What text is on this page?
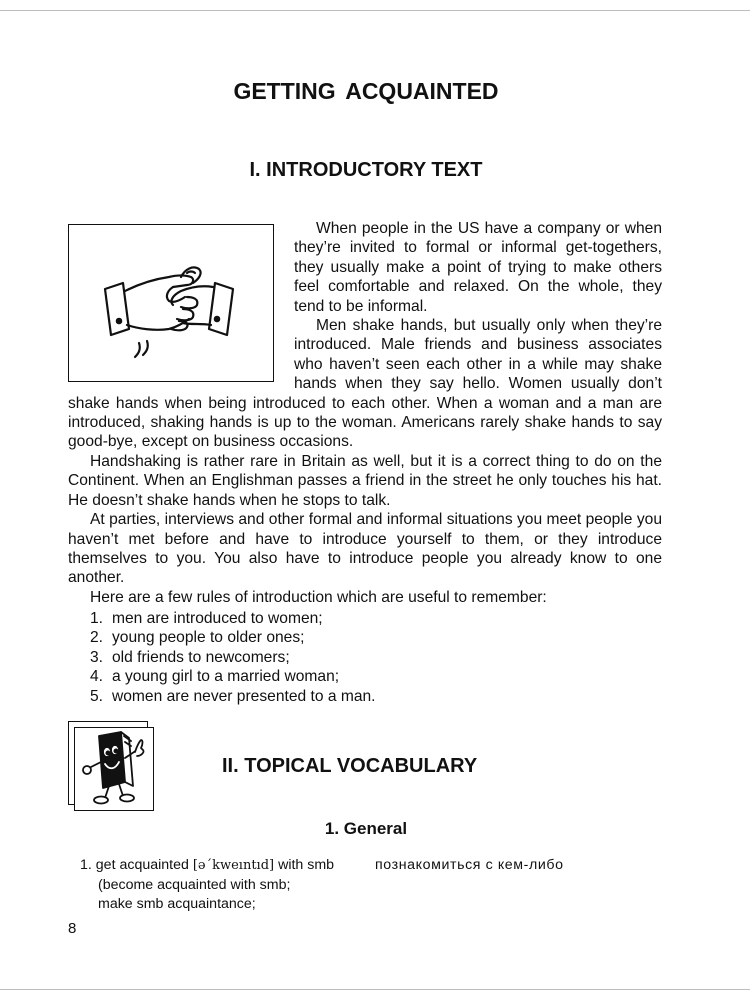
GETTING ACQUAINTED
I. INTRODUCTORY TEXT

When people in the US have a company or when they’re invited to formal or informal get-togethers, they usually make a point of trying to make others feel comfortable and relaxed. On the whole, they tend to be informal.

Men shake hands, but usually only when they’re introduced. Male friends and business associates who haven’t seen each other in a while may shake hands when they say hello. Women usually don’t shake hands when being introduced to each other. When a woman and a man are introduced, shaking hands is up to the woman. Americans rarely shake hands to say good-bye, except on business occasions.

Handshaking is rather rare in Britain as well, but it is a correct thing to do on the Continent. When an Englishman passes a friend in the street he only touches his hat. He doesn’t shake hands when he stops to talk.

At parties, interviews and other formal and informal situations you meet people you haven’t met before and have to introduce yourself to them, or they introduce themselves to you. You also have to introduce people you already know to one another.

Here are a few rules of introduction which are useful to remember:

1. men are introduced to women;
2. young people to older ones;
3. old friends to newcomers;
4. a young girl to a married woman;
5. women are never presented to a man.
II. TOPICAL VOCABULARY
1. General
1. get acquainted [ə´kweıntıd] with smb
(become acquainted with smb;
make smb acquaintance;
познакомиться с кем-либо
8
